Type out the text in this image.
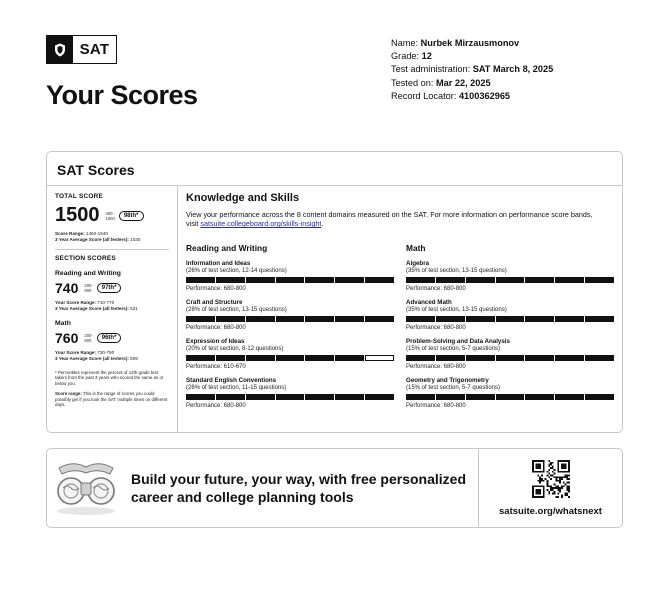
SAT
Your Scores
Name: Nurbek Mirzausmonov
Grade: 12
Test administration: SAT March 8, 2025
Tested on: Mar 22, 2025
Record Locator: 4100362965
SAT Scores
TOTAL SCORE
1500 400-
1600	98th*
Score Range: 1460-1540
3 Year Average Score (all testers): 1030
SECTION SCORES
Reading and Writing
740 200-
800	97th*
Your Score Range: 710-770
3 Year Average Score (all testers): 521
Math
760 200-
800	96th*
Your Score Range: 730-790
3 Year Average Score (all testers): 509
* Percentiles represent the percent of 12th grade test takers from the past 3 years who scored the same as or below you.
Score range: This is the range of scores you could possibly get if you took the SAT multiple times on different days.
Knowledge and Skills
View your performance across the 8 content domains measured on the SAT. For more information on performance score bands, visit satsuite.collegeboard.org/skills-insight.
Reading and Writing
Information and Ideas
(26% of test section, 12-14 questions)
Performance: 680-800
Craft and Structure
(28% of test section, 13-15 questions)
Performance: 680-800
Expression of Ideas
(20% of test section, 8-12 questions)
Performance: 610-670
Standard English Conventions
(26% of test section, 11-15 questions)
Performance: 680-800
Math
Algebra
(35% of test section, 13-15 questions)
Performance: 680-800
Advanced Math
(35% of test section, 13-15 questions)
Performance: 680-800
Problem-Solving and Data Analysis
(15% of test section, 5-7 questions)
Performance: 680-800
Geometry and Trigonometry
(15% of test section, 5-7 questions)
Performance: 680-800
Build your future, your way, with free personalized career and college planning tools
satsuite.org/whatsnext
